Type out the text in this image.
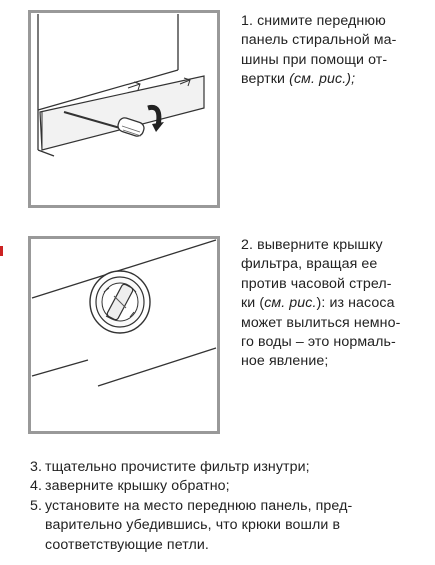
1. снимите переднюю
панель стиральной ма-
шины при помощи от-
вертки (см. рис.);
2. выверните крышку
фильтра, вращая ее
против часовой стрел-
ки (см. рис.): из насоса
может вылиться немно-
го воды – это нормаль-
ное явление;
3. тщательно прочистите фильтр изнутри;
4. заверните крышку обратно;
5. установите на место переднюю панель, пред-
варительно убедившись, что крюки вошли в
соответствующие петли.
